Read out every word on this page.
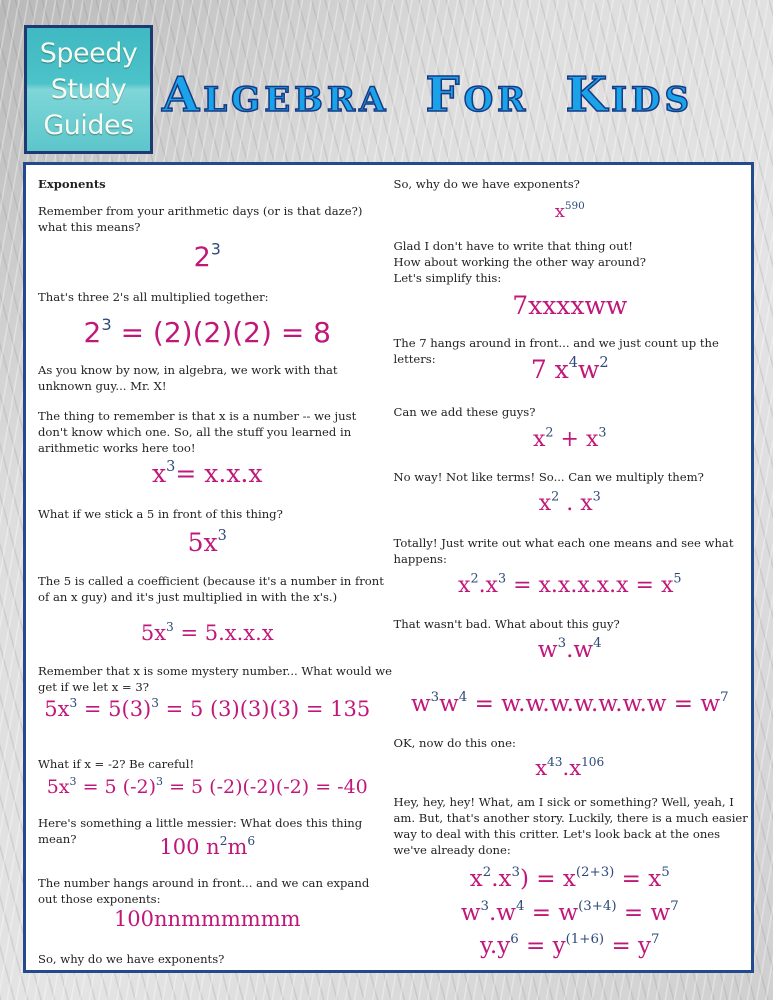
Speedy
Study
Guides
ALGEBRA FOR KIDS
Exponents
Remember from your arithmetic days (or is that daze?) what this means?
$2^3$
That's three 2's all multiplied together:
$2^3 = (2)(2)(2) = 8$
As you know by now, in algebra, we work with that unknown guy... Mr. X!
The thing to remember is that x is a number -- we just don't know which one. So, all the stuff you learned in arithmetic works here too!
$x^3= x.x.x$
What if we stick a 5 in front of this thing?
$5x^3$
The 5 is called a coefficient (because it's a number in front of an x guy) and it's just multiplied in with the x's.)
$5x^3 = 5.x.x.x$
Remember that x is some mystery number... What would we get if we let x = 3?
$5x^3 = 5(3)^3 = 5$ (3)(3)(3) = 135
What if x = -2? Be careful!
$5x^3 = 5$ $(-2)^3 = 5$ (-2)(-2)(-2) = -40
Here's something a little messier: What does this thing mean?	100 $n^2m^6$
The number hangs around in front... and we can expand out those exponents:
100nnmmmmmm
So, why do we have exponents?
So, why do we have exponents?
$x^{590}$
Glad I don't have to write that thing out!
How about working the other way around?
Let's simplify this:
7xxxxww
The 7 hangs around in front... and we just count up the letters:	7 $x^4w^2$
Can we add these guys?
$x^2 + x^3$
No way! Not like terms! So... Can we multiply them?
$x^2$ . $x^3$
Totally! Just write out what each one means and see what happens:
$x^2.x^3 = x.x.x.x.x = x^5$
That wasn't bad. What about this guy?
$w^3.w^4$
$w^3w^4 = w.w.w.w.w.w.w = w^7$
OK, now do this one:
$x^{43}.x^{106}$
Hey, hey, hey! What, am I sick or something? Well, yeah, I am. But, that's another story. Luckily, there is a much easier way to deal with this critter. Let's look back at the ones we've already done:
$x^2.x^3) = x^{(2+3)} = x^5$
$w^3.w^4 = w^{(3+4)} = w^7$
$y.y^6 = y^{(1+6)} = y^7$
